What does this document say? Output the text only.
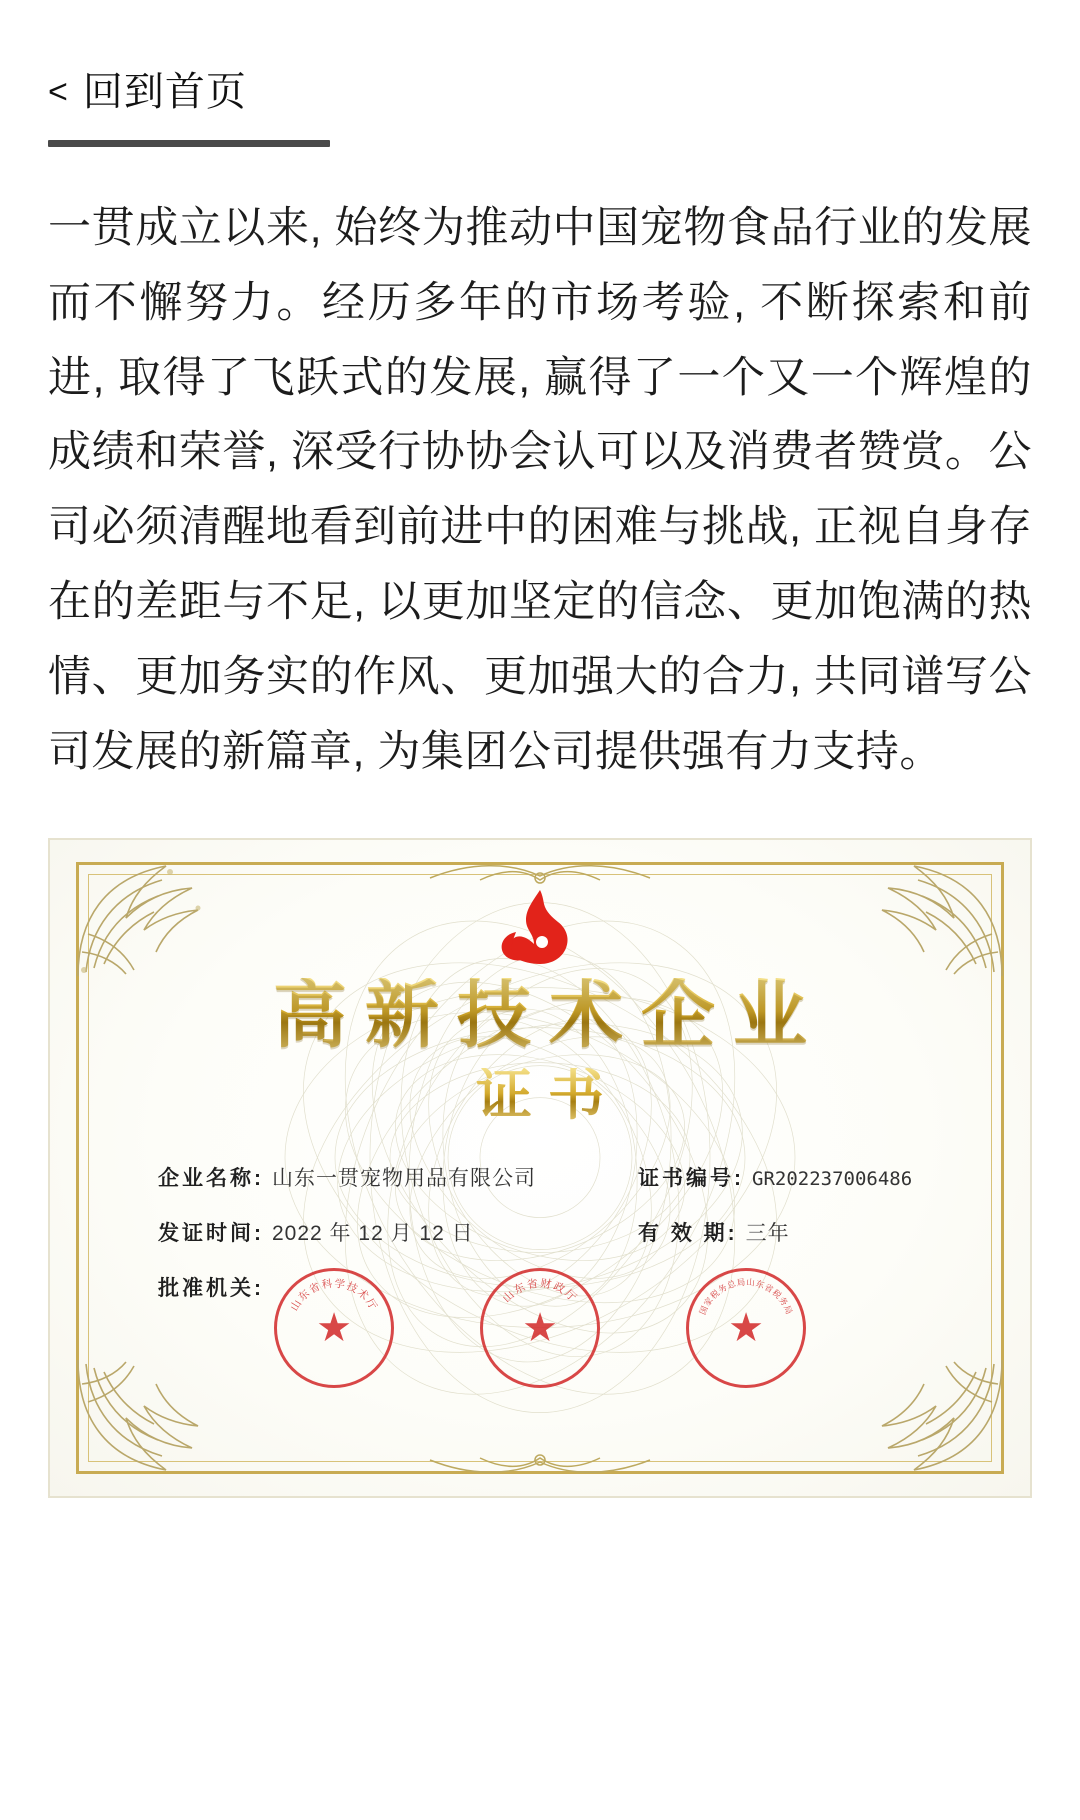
< 回到首页
一贯成立以来, 始终为推动中国宠物食品行业的发展而不懈努力。经历多年的市场考验, 不断探索和前进, 取得了飞跃式的发展, 赢得了一个又一个辉煌的成绩和荣誉, 深受行协协会认可以及消费者赞赏。公司必须清醒地看到前进中的困难与挑战, 正视自身存在的差距与不足, 以更加坚定的信念、更加饱满的热情、更加务实的作风、更加强大的合力, 共同谱写公司发展的新篇章, 为集团公司提供强有力支持。
高新技术企业
证书
企业名称: 山东一贯宠物用品有限公司	证书编号: GR202237006486
发证时间: 2022 年 12 月 12 日	有 效 期: 三年
批准机关:
山东省科学技术厅
★
山东省财政厅
★	国家税务总局山东省税务局
★
